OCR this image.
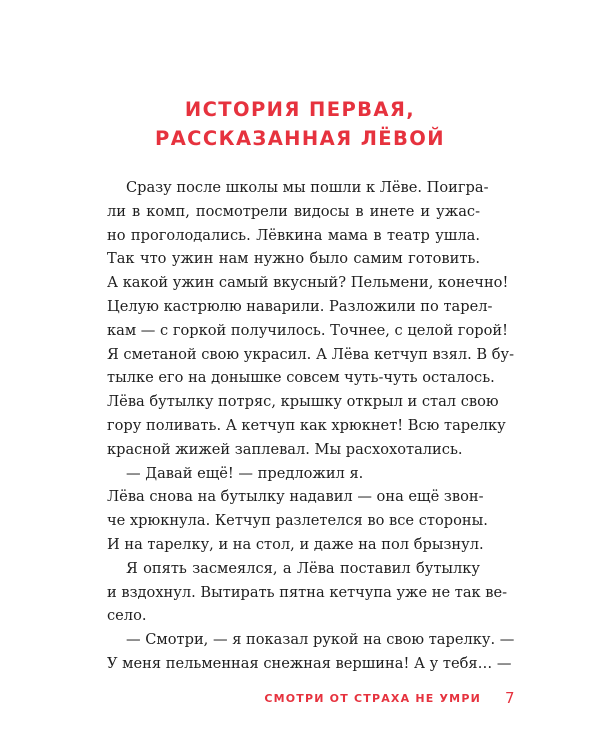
ИСТОРИЯ ПЕРВАЯ,
РАССКАЗАННАЯ ЛЁВОЙ
Сразу после школы мы пошли к Лёве. Поигра-
ли в комп, посмотрели видосы в инете и ужас-
но проголодались. Лёвкина мама в театр ушла.
Так что ужин нам нужно было самим готовить.
А какой ужин самый вкусный? Пельмени, конечно!
Целую кастрюлю наварили. Разложили по тарел-
кам — с горкой получилось. Точнее, с целой горой!
Я сметаной свою украсил. А Лёва кетчуп взял. В бу-
тылке его на донышке совсем чуть-чуть осталось.
Лёва бутылку потряс, крышку открыл и стал свою
гору поливать. А кетчуп как хрюкнет! Всю тарелку
красной жижей заплевал. Мы расхохотались.
— Давай ещё! — предложил я.
Лёва снова на бутылку надавил — она ещё звон-
че хрюкнула. Кетчуп разлетелся во все стороны.
И на тарелку, и на стол, и даже на пол брызнул.
Я опять засмеялся, а Лёва поставил бутылку
и вздохнул. Вытирать пятна кетчупа уже не так ве-
село.
— Смотри, — я показал рукой на свою тарелку. —
У меня пельменная снежная вершина! А у тебя… —
СМОТРИ ОТ СТРАХА НЕ УМРИ 7
